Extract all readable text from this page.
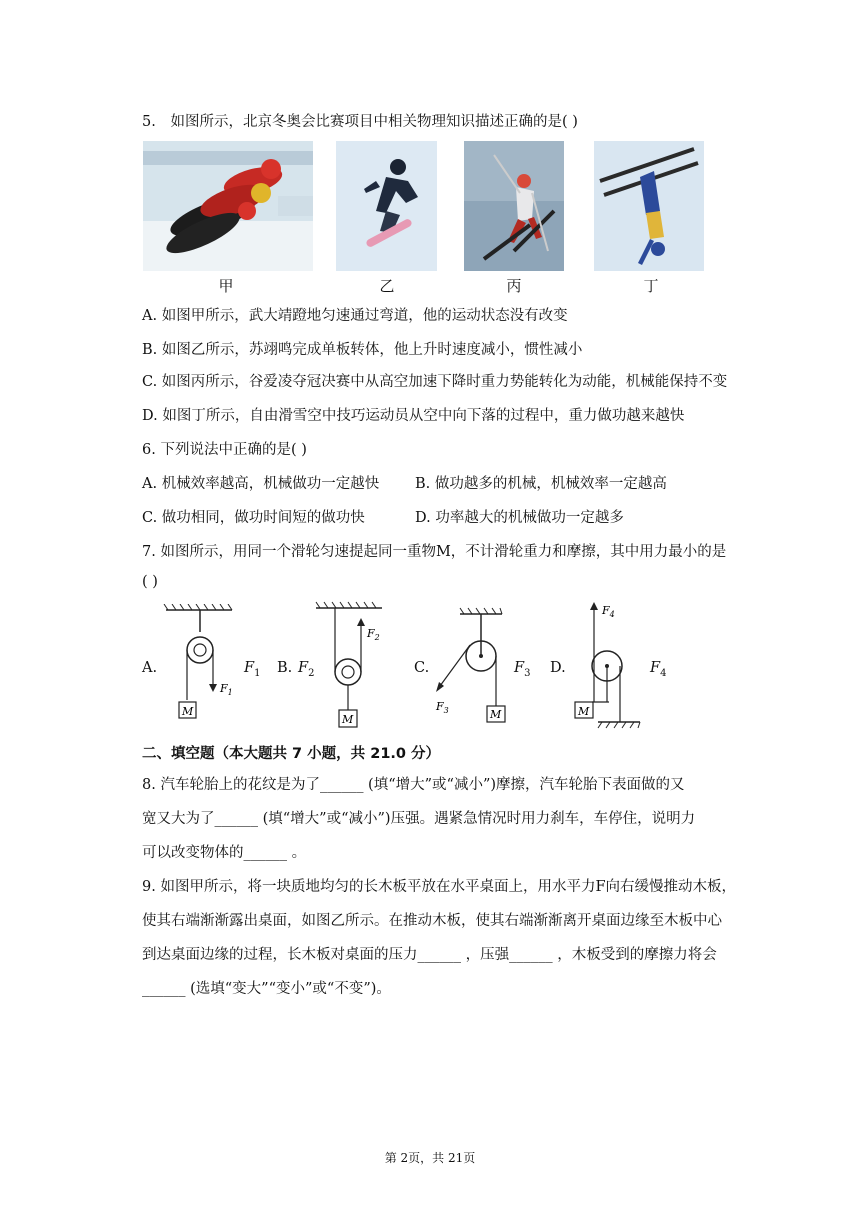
5. 如图所示，北京冬奥会比赛项目中相关物理知识描述正确的是( )
甲	乙	丙	丁
A. 如图甲所示，武大靖蹬地匀速通过弯道，他的运动状态没有改变
B. 如图乙所示，苏翊鸣完成单板转体，他上升时速度减小，惯性减小
C. 如图丙所示，谷爱凌夺冠决赛中从高空加速下降时重力势能转化为动能，机械能保持不变
D. 如图丁所示，自由滑雪空中技巧运动员从空中向下落的过程中，重力做功越来越快
6. 下列说法中正确的是( )
A. 机械效率越高，机械做功一定越快 B. 做功越多的机械，机械效率一定越高
C. 做功相同，做功时间短的做功快	D. 功率越大的机械做功一定越多
7. 如图所示，用同一个滑轮匀速提起同一重物M，不计滑轮重力和摩擦，其中用力最小的是
( )
A.	$F_1$ B. $F_2$	C.	$F_3$ D.	$F_4$
M
$F_1$
M
$F_2$
M
$F_3$
$F_4$
M
二、填空题（本大题共 7 小题，共 21.0 分）
8. 汽车轮胎上的花纹是为了______ (填“增大”或“减小”)摩擦，汽车轮胎下表面做的又
宽又大为了______ (填“增大”或“减小”)压强。遇紧急情况时用力刹车，车停住，说明力
可以改变物体的______ 。
9. 如图甲所示，将一块质地均匀的长木板平放在水平桌面上，用水平力F向右缓慢推动木板，
使其右端渐渐露出桌面，如图乙所示。在推动木板，使其右端渐渐离开桌面边缘至木板中心
到达桌面边缘的过程，长木板对桌面的压力______ ，压强______ ，木板受到的摩擦力将会
______ (选填“变大”“变小”或“不变”)。
第 2页，共 21页
